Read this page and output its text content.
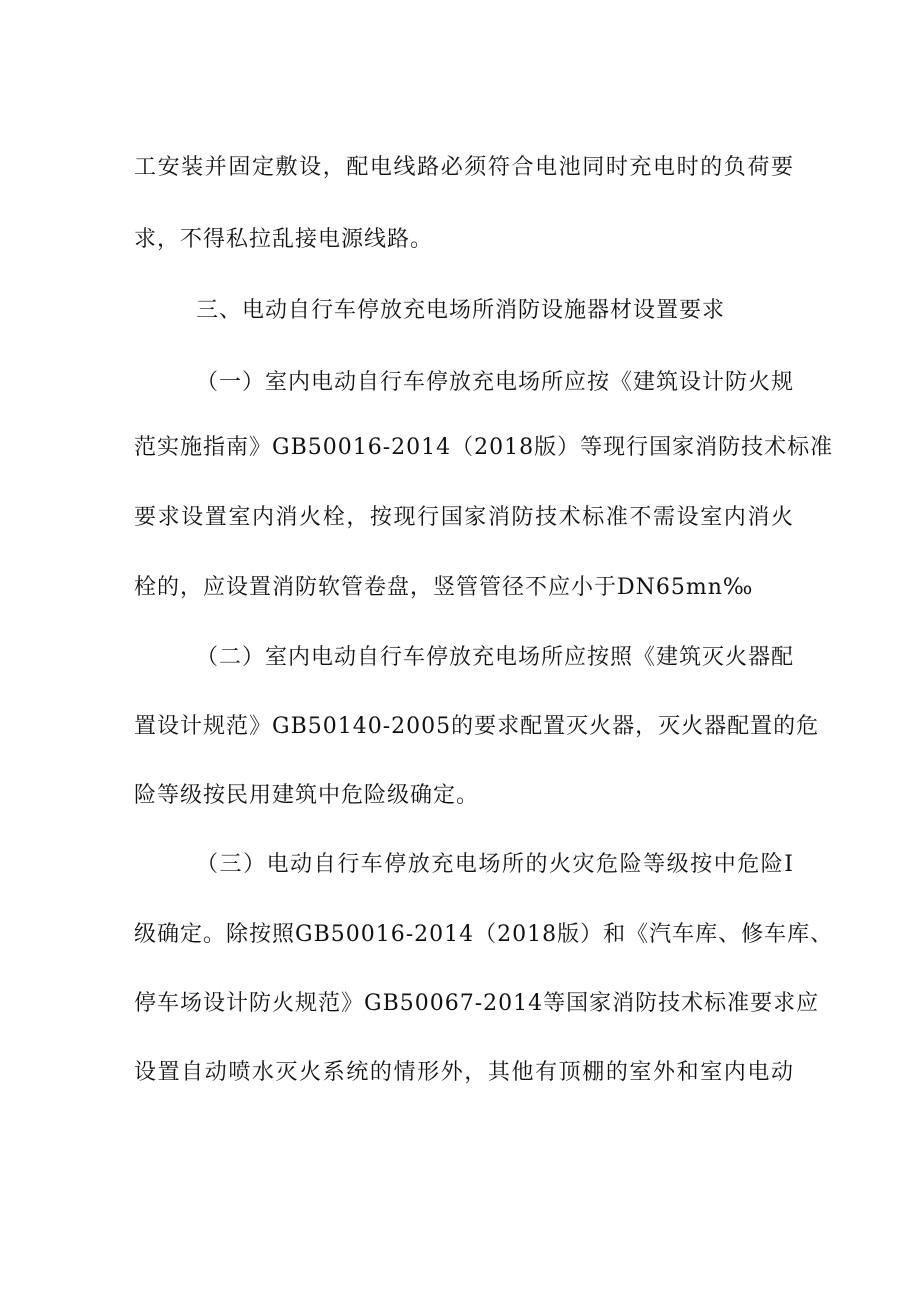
工安装并固定敷设，配电线路必须符合电池同时充电时的负荷要
求，不得私拉乱接电源线路。
三、电动自行车停放充电场所消防设施器材设置要求
（一）室内电动自行车停放充电场所应按《建筑设计防火规
范实施指南》GB50016-2014（2018版）等现行国家消防技术标准
要求设置室内消火栓，按现行国家消防技术标准不需设室内消火
栓的，应设置消防软管卷盘，竖管管径不应小于DN65mn‰
（二）室内电动自行车停放充电场所应按照《建筑灭火器配
置设计规范》GB50140-2005的要求配置灭火器，灭火器配置的危
险等级按民用建筑中危险级确定。
（三）电动自行车停放充电场所的火灾危险等级按中危险I
级确定。除按照GB50016-2014（2018版）和《汽车库、修车库、
停车场设计防火规范》GB50067-2014等国家消防技术标准要求应
设置自动喷水灭火系统的情形外，其他有顶棚的室外和室内电动
